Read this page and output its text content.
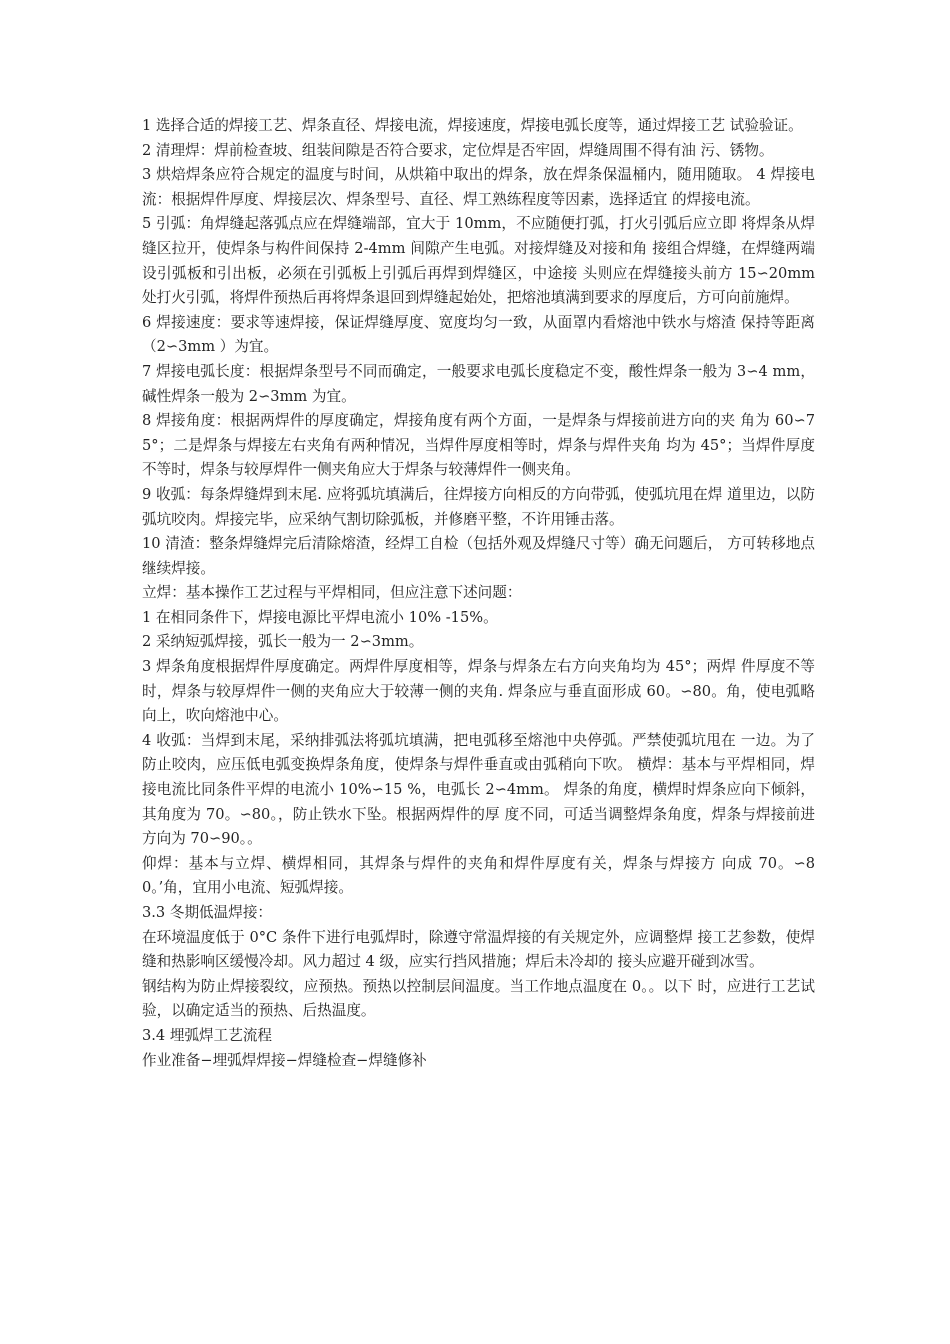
1 选择合适的焊接工艺、焊条直径、焊接电流，焊接速度，焊接电弧长度等，通过焊接工艺 试验验证。

2 清理焊：焊前检查坡、组装间隙是否符合要求，定位焊是否牢固，焊缝周围不得有油 污、锈物。

3 烘焙焊条应符合规定的温度与时间，从烘箱中取出的焊条，放在焊条保温桶内，随用随取。 4 焊接电流：根据焊件厚度、焊接层次、焊条型号、直径、焊工熟练程度等因素，选择适宜 的焊接电流。

5 引弧：角焊缝起落弧点应在焊缝端部，宜大于 10mm，不应随便打弧，打火引弧后应立即 将焊条从焊缝区拉开，使焊条与构件间保持 2-4mm 间隙产生电弧。对接焊缝及对接和角 接组合焊缝，在焊缝两端设引弧板和引出板，必须在引弧板上引弧后再焊到焊缝区，中途接 头则应在焊缝接头前方 15∽20mm 处打火引弧，将焊件预热后再将焊条退回到焊缝起始处，把熔池填满到要求的厚度后，方可向前施焊。

6 焊接速度：要求等速焊接，保证焊缝厚度、宽度均匀一致，从面罩内看熔池中铁水与熔渣 保持等距离（2∽3mm ）为宜。

7 焊接电弧长度：根据焊条型号不同而确定，一般要求电弧长度稳定不变，酸性焊条一般为 3∽4 mm，碱性焊条一般为 2∽3mm 为宜。

8 焊接角度：根据两焊件的厚度确定，焊接角度有两个方面，一是焊条与焊接前进方向的夹 角为 60∽75°；二是焊条与焊接左右夹角有两种情况，当焊件厚度相等时，焊条与焊件夹角 均为 45°；当焊件厚度不等时，焊条与较厚焊件一侧夹角应大于焊条与较薄焊件一侧夹角。

9 收弧：每条焊缝焊到末尾. 应将弧坑填满后，往焊接方向相反的方向带弧，使弧坑甩在焊 道里边，以防弧坑咬肉。焊接完毕，应采纳气割切除弧板，并修磨平整，不许用锤击落。

10 清渣：整条焊缝焊完后清除熔渣，经焊工自检（包括外观及焊缝尺寸等）确无问题后， 方可转移地点继续焊接。

立焊：基本操作工艺过程与平焊相同，但应注意下述问题：

1 在相同条件下，焊接电源比平焊电流小 10% -15%。

2 采纳短弧焊接，弧长一般为一 2∽3mm。

3 焊条角度根据焊件厚度确定。两焊件厚度相等，焊条与焊条左右方向夹角均为 45°；两焊 件厚度不等时，焊条与较厚焊件一侧的夹角应大于较薄一侧的夹角. 焊条应与垂直面形成 60。∽80。角，使电弧略向上，吹向熔池中心。

4 收弧：当焊到末尾，采纳排弧法将弧坑填满，把电弧移至熔池中央停弧。严禁使弧坑甩在 一边。为了防止咬肉，应压低电弧变换焊条角度，使焊条与焊件垂直或由弧稍向下吹。 横焊：基本与平焊相同，焊接电流比同条件平焊的电流小 10%∽15 %，电弧长 2∽4mm。 焊条的角度，横焊时焊条应向下倾斜，其角度为 70。∽80。，防止铁水下坠。根据两焊件的厚 度不同，可适当调整焊条角度，焊条与焊接前进方向为 70∽90。。

仰焊：基本与立焊、横焊相同，其焊条与焊件的夹角和焊件厚度有关，焊条与焊接方 向成 70。∽80。’角，宜用小电流、短弧焊接。

3.3 冬期低温焊接：

在环境温度低于 0°C 条件下进行电弧焊时，除遵守常温焊接的有关规定外，应调整焊 接工艺参数，使焊缝和热影响区缓慢冷却。风力超过 4 级，应实行挡风措施；焊后未冷却的 接头应避开碰到冰雪。

钢结构为防止焊接裂纹，应预热。预热以控制层间温度。当工作地点温度在 0。。以下 时，应进行工艺试验，以确定适当的预热、后热温度。

3.4 埋弧焊工艺流程

作业准备−埋弧焊焊接−焊缝检查−焊缝修补
